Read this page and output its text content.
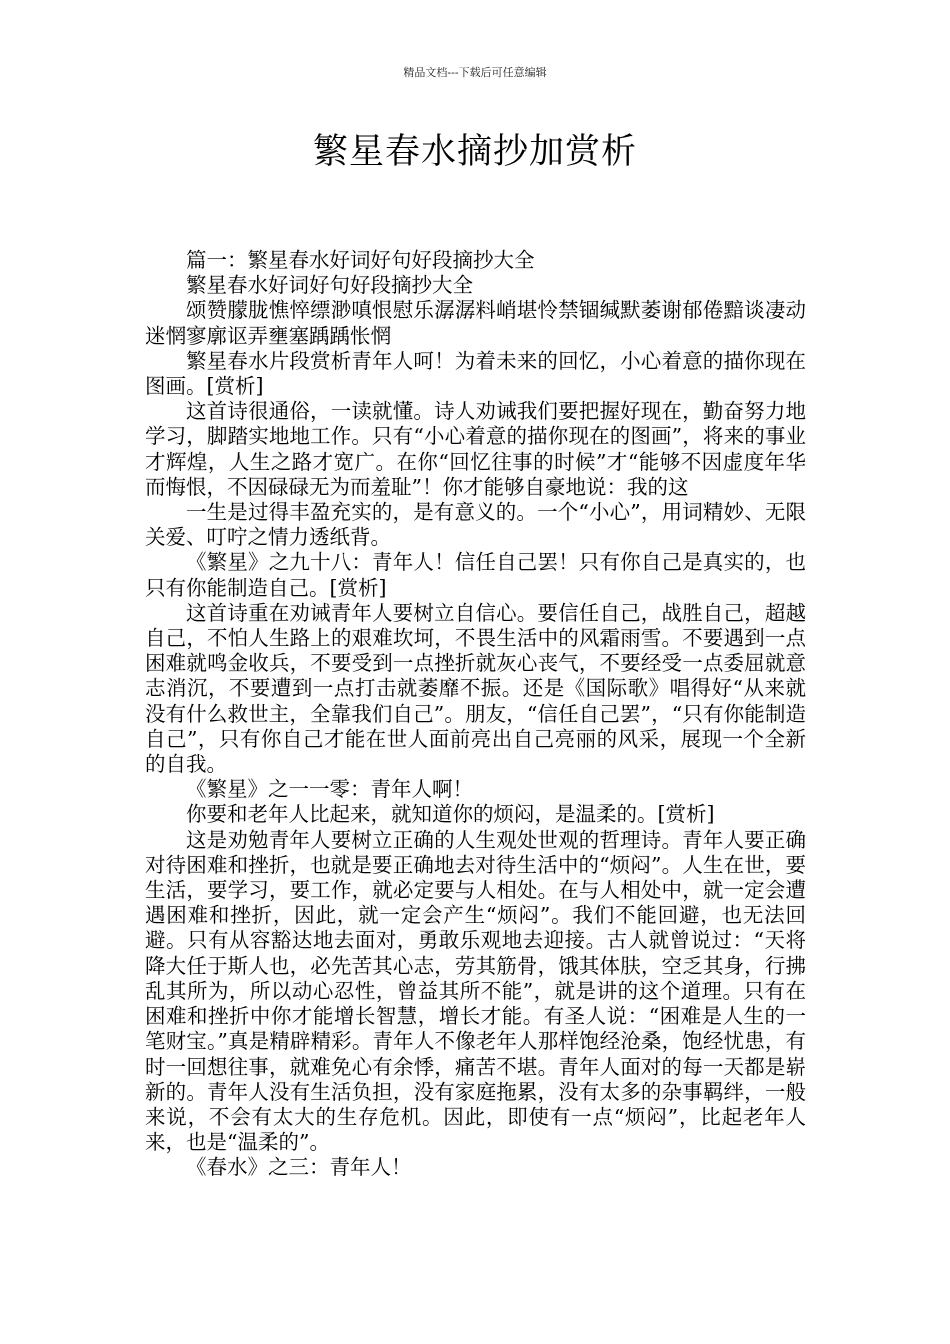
精品文档---下载后可任意编辑
繁星春水摘抄加赏析

篇一：繁星春水好词好句好段摘抄大全

繁星春水好词好句好段摘抄大全

颂赞朦胧憔悴缥渺嗔恨慰乐潺潺料峭堪怜禁锢缄默萎谢郁倦黯谈凄动迷惘寥廓讴弄壅塞踽踽怅惘

繁星春水片段赏析青年人呵！为着未来的回忆，小心着意的描你现在图画。[赏析]

这首诗很通俗，一读就懂。诗人劝诫我们要把握好现在，勤奋努力地学习，脚踏实地地工作。只有“小心着意的描你现在的图画”，将来的事业才辉煌，人生之路才宽广。在你“回忆往事的时候”才“能够不因虚度年华而悔恨，不因碌碌无为而羞耻”！你才能够自豪地说：我的这

一生是过得丰盈充实的，是有意义的。一个“小心”，用词精妙、无限关爱、叮咛之情力透纸背。

《繁星》之九十八：青年人！信任自己罢！只有你自己是真实的，也只有你能制造自己。[赏析]

这首诗重在劝诫青年人要树立自信心。要信任自己，战胜自己，超越自己，不怕人生路上的艰难坎坷，不畏生活中的风霜雨雪。不要遇到一点困难就鸣金收兵，不要受到一点挫折就灰心丧气，不要经受一点委屈就意志消沉，不要遭到一点打击就萎靡不振。还是《国际歌》唱得好“从来就没有什么救世主，全靠我们自己”。朋友，“信任自己罢”，“只有你能制造自己”，只有你自己才能在世人面前亮出自己亮丽的风采，展现一个全新的自我。

《繁星》之一一零：青年人啊！

你要和老年人比起来，就知道你的烦闷，是温柔的。[赏析]

这是劝勉青年人要树立正确的人生观处世观的哲理诗。青年人要正确对待困难和挫折，也就是要正确地去对待生活中的“烦闷”。人生在世，要生活，要学习，要工作，就必定要与人相处。在与人相处中，就一定会遭遇困难和挫折，因此，就一定会产生“烦闷”。我们不能回避，也无法回避。只有从容豁达地去面对，勇敢乐观地去迎接。古人就曾说过：“天将降大任于斯人也，必先苦其心志，劳其筋骨，饿其体肤，空乏其身，行拂乱其所为，所以动心忍性，曾益其所不能”，就是讲的这个道理。只有在困难和挫折中你才能增长智慧，增长才能。有圣人说：“困难是人生的一笔财宝。”真是精辟精彩。青年人不像老年人那样饱经沧桑，饱经忧患，有时一回想往事，就难免心有余悸，痛苦不堪。青年人面对的每一天都是崭新的。青年人没有生活负担，没有家庭拖累，没有太多的杂事羁绊，一般来说，不会有太大的生存危机。因此，即使有一点“烦闷”，比起老年人来，也是“温柔的”。

《春水》之三：青年人！
